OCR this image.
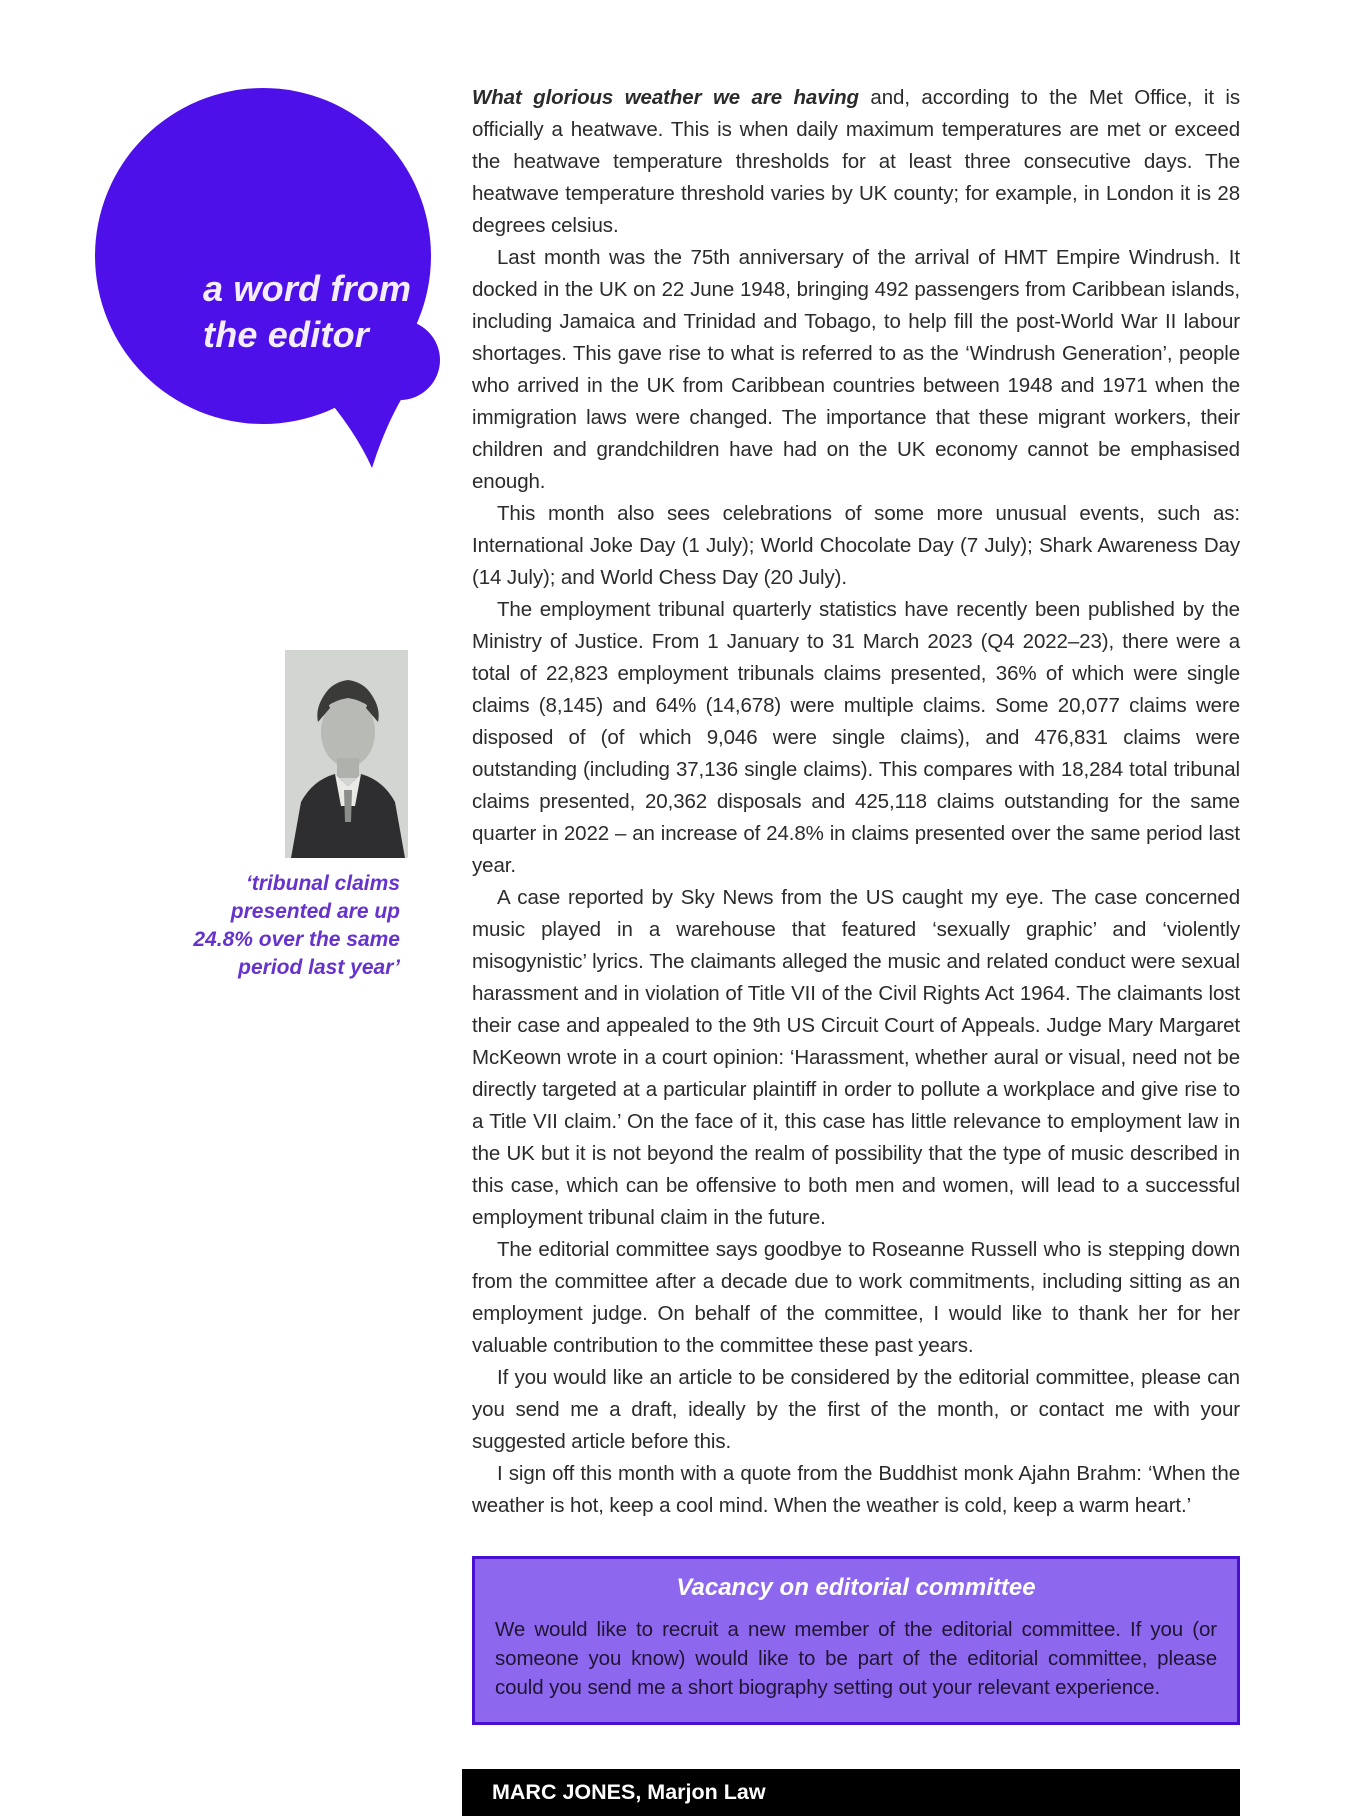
a word from
the editor
‘tribunal claims presented are up 24.8% over the same period last year’

What glorious weather we are having and, according to the Met Office, it is officially a heatwave. This is when daily maximum temperatures are met or exceed the heatwave temperature thresholds for at least three consecutive days. The heatwave temperature threshold varies by UK county; for example, in London it is 28 degrees celsius.

Last month was the 75th anniversary of the arrival of HMT Empire Windrush. It docked in the UK on 22 June 1948, bringing 492 passengers from Caribbean islands, including Jamaica and Trinidad and Tobago, to help fill the post-World War II labour shortages. This gave rise to what is referred to as the ‘Windrush Generation’, people who arrived in the UK from Caribbean countries between 1948 and 1971 when the immigration laws were changed. The importance that these migrant workers, their children and grandchildren have had on the UK economy cannot be emphasised enough.

This month also sees celebrations of some more unusual events, such as: International Joke Day (1 July); World Chocolate Day (7 July); Shark Awareness Day (14 July); and World Chess Day (20 July).

The employment tribunal quarterly statistics have recently been published by the Ministry of Justice. From 1 January to 31 March 2023 (Q4 2022–23), there were a total of 22,823 employment tribunals claims presented, 36% of which were single claims (8,145) and 64% (14,678) were multiple claims. Some 20,077 claims were disposed of (of which 9,046 were single claims), and 476,831 claims were outstanding (including 37,136 single claims). This compares with 18,284 total tribunal claims presented, 20,362 disposals and 425,118 claims outstanding for the same quarter in 2022 – an increase of 24.8% in claims presented over the same period last year.

A case reported by Sky News from the US caught my eye. The case concerned music played in a warehouse that featured ‘sexually graphic’ and ‘violently misogynistic’ lyrics. The claimants alleged the music and related conduct were sexual harassment and in violation of Title VII of the Civil Rights Act 1964. The claimants lost their case and appealed to the 9th US Circuit Court of Appeals. Judge Mary Margaret McKeown wrote in a court opinion: ‘Harassment, whether aural or visual, need not be directly targeted at a particular plaintiff in order to pollute a workplace and give rise to a Title VII claim.’ On the face of it, this case has little relevance to employment law in the UK but it is not beyond the realm of possibility that the type of music described in this case, which can be offensive to both men and women, will lead to a successful employment tribunal claim in the future.

The editorial committee says goodbye to Roseanne Russell who is stepping down from the committee after a decade due to work commitments, including sitting as an employment judge. On behalf of the committee, I would like to thank her for her valuable contribution to the committee these past years.

If you would like an article to be considered by the editorial committee, please can you send me a draft, ideally by the first of the month, or contact me with your suggested article before this.

I sign off this month with a quote from the Buddhist monk Ajahn Brahm: ‘When the weather is hot, keep a cool mind. When the weather is cold, keep a warm heart.’

Vacancy on editorial committee
We would like to recruit a new member of the editorial committee. If you (or someone you know) would like to be part of the editorial committee, please could you send me a short biography setting out your relevant experience.
MARC JONES, Marjon Law
